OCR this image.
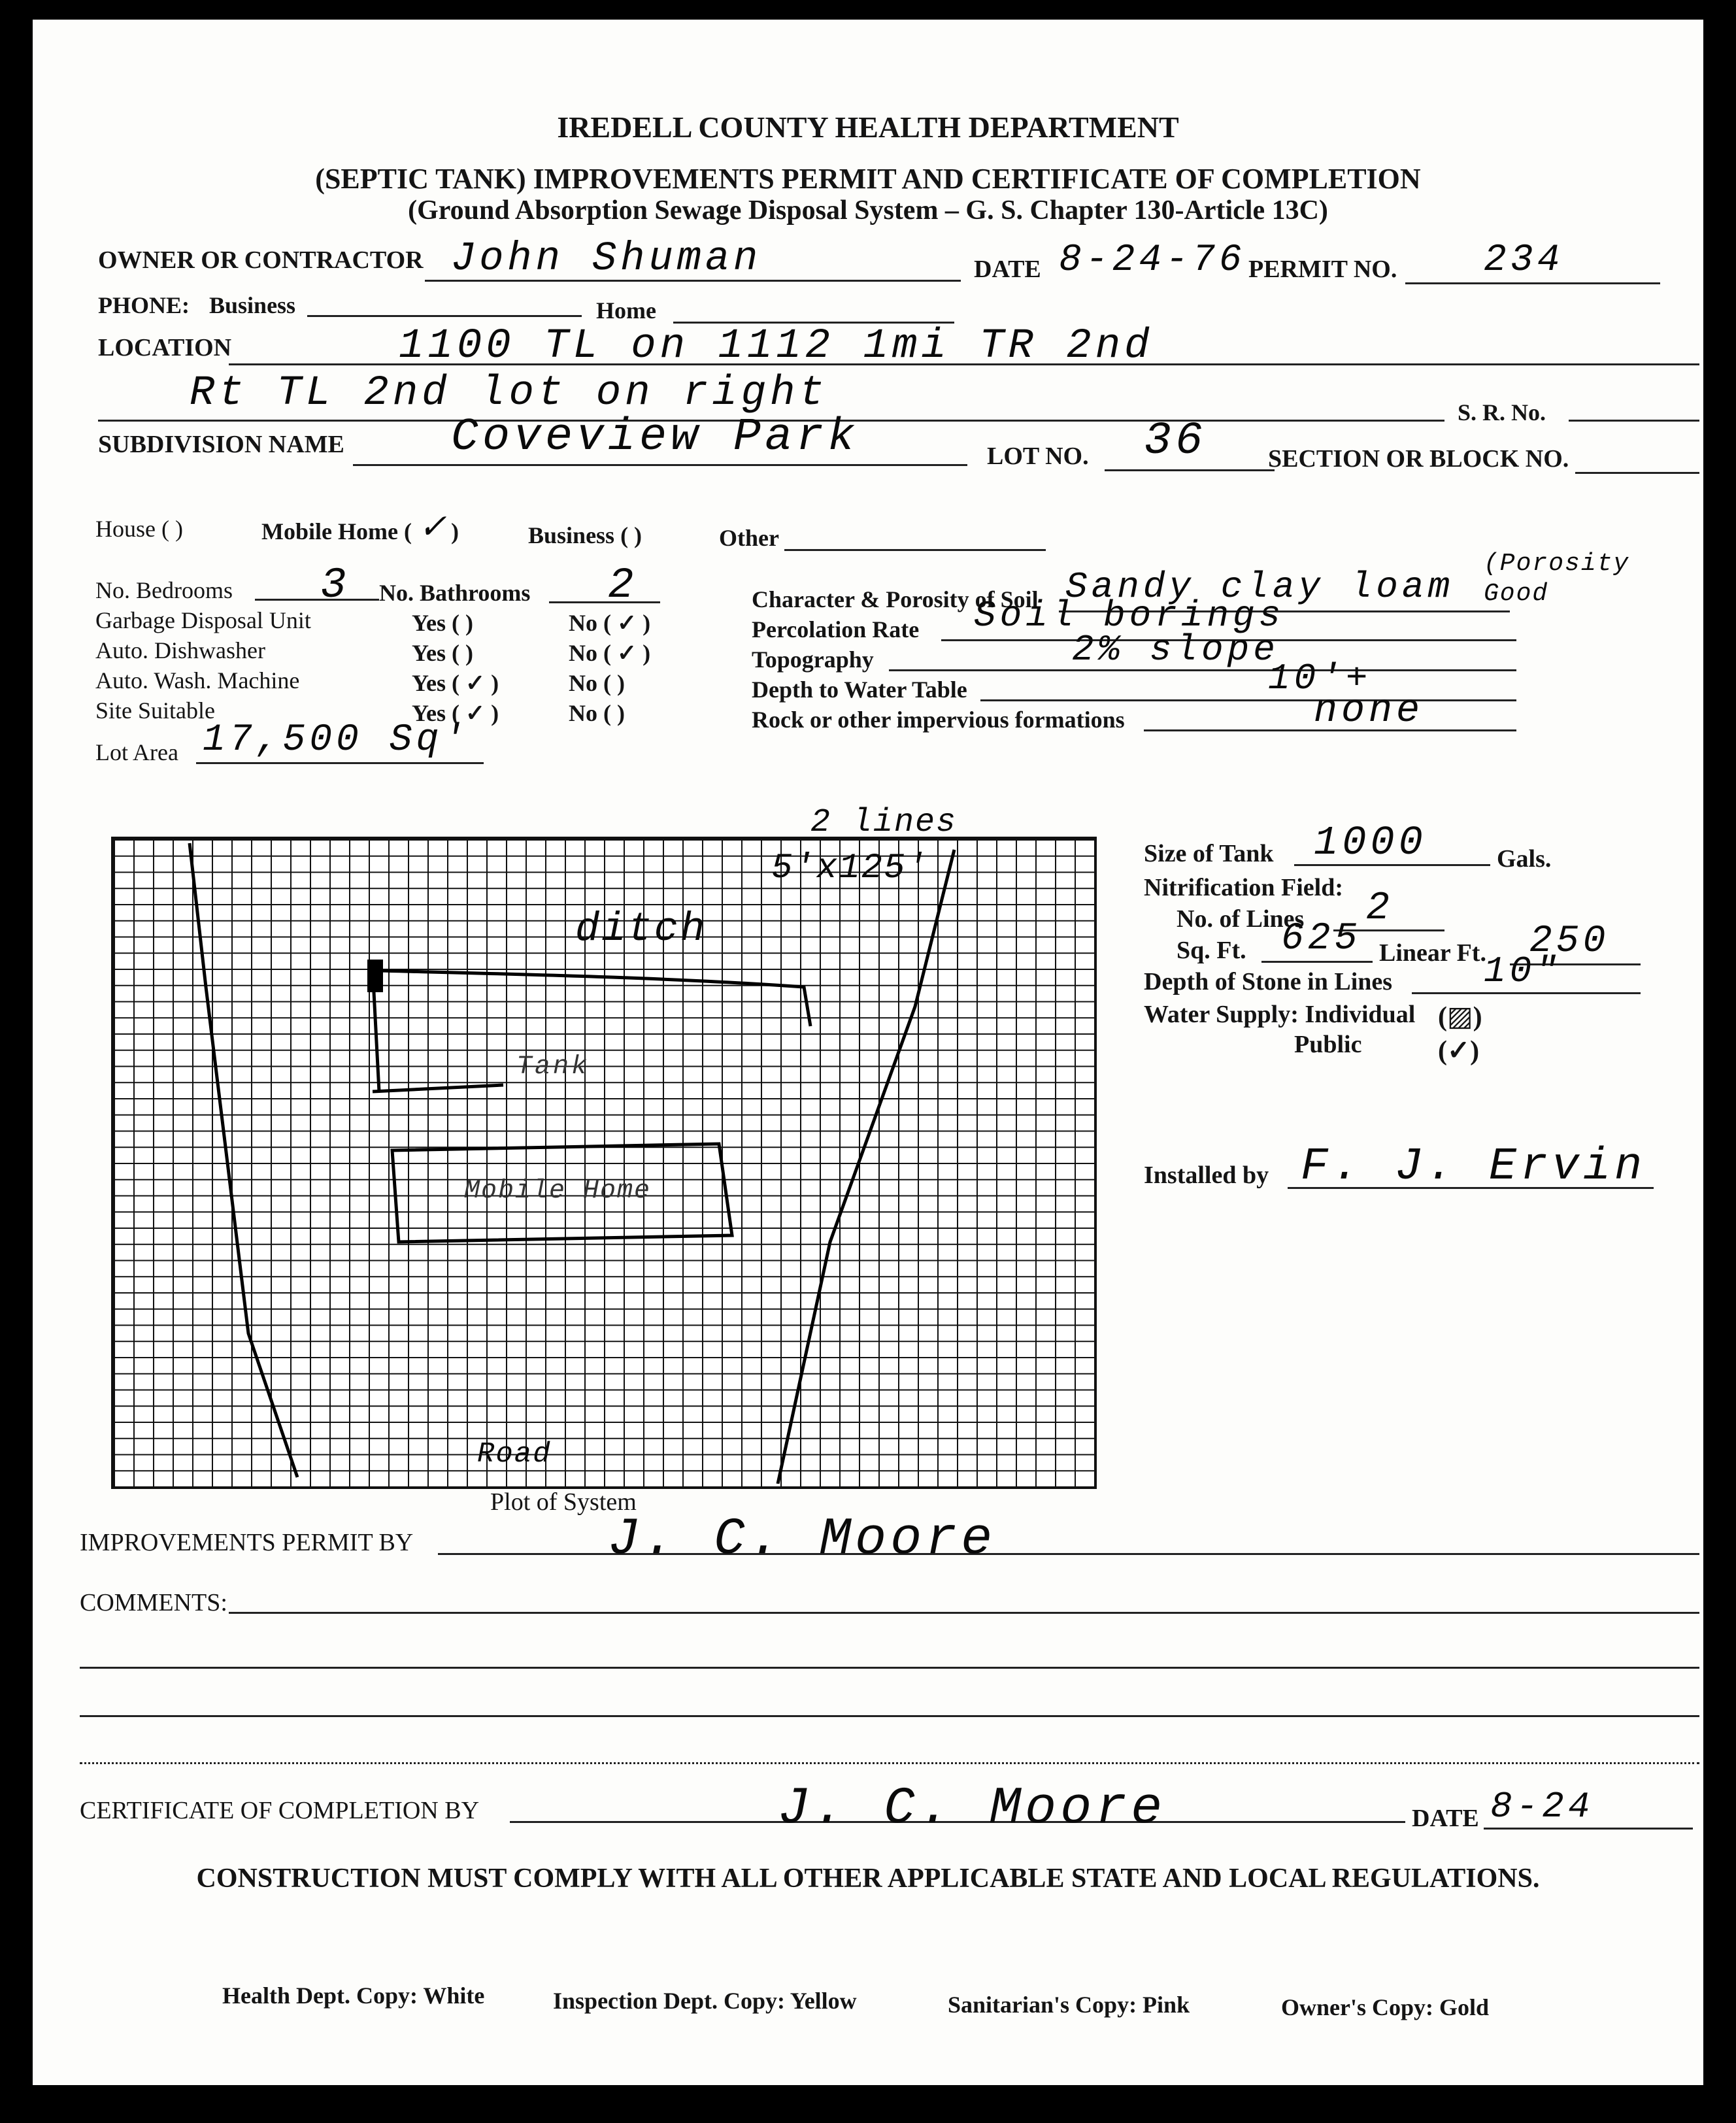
IREDELL COUNTY HEALTH DEPARTMENT
(SEPTIC TANK) IMPROVEMENTS PERMIT AND CERTIFICATE OF COMPLETION
(Ground Absorption Sewage Disposal System – G. S. Chapter 130-Article 13C)
OWNER OR CONTRACTOR John Shuman	DATE 8-24-76 PERMIT NO. 234
PHONE: Business	Home
LOCATION	1100 TL on 1112 1mi TR 2nd
Rt TL 2nd lot on right	S. R. No.
SUBDIVISION NAME Coveview Park	LOT NO. 36 SECTION OR BLOCK NO.
House ( )	Mobile Home ( ✓ )	Business ( )	Other
No. Bedrooms 3 No. Bathrooms 2
Garbage Disposal Unit	Yes ( )	No ( ✓ )
Auto. Dishwasher	Yes ( )	No ( ✓ )
Auto. Wash. Machine	Yes ( ✓ )	No ( )
Site Suitable	Yes ( ✓ )	No ( )
Lot Area 17,500 Sq'
Character & Porosity of Soil Sandy clay loam
(Porosity Good
Percolation Rate Soil borings
Topography	2% slope
Depth to Water Table	10'+
Rock or other impervious formations	none
2 lines
5'x125'
ditch
Tank
Mobile Home
Road
Plot of System
Size of Tank 1000	Gals.
Nitrification Field:
No. of Lines 2
Sq. Ft. 625 Linear Ft. 250
Depth of Stone in Lines 10"
Water Supply: Individual (▨)
Public	(✓)
Installed by F. J. Ervin
IMPROVEMENTS PERMIT BY	J. C. Moore
COMMENTS:
CERTIFICATE OF COMPLETION BY	J. C. Moore	DATE 8-24
CONSTRUCTION MUST COMPLY WITH ALL OTHER APPLICABLE STATE AND LOCAL REGULATIONS.
Health Dept. Copy: White	Inspection Dept. Copy: Yellow	Sanitarian's Copy: Pink	Owner's Copy: Gold
